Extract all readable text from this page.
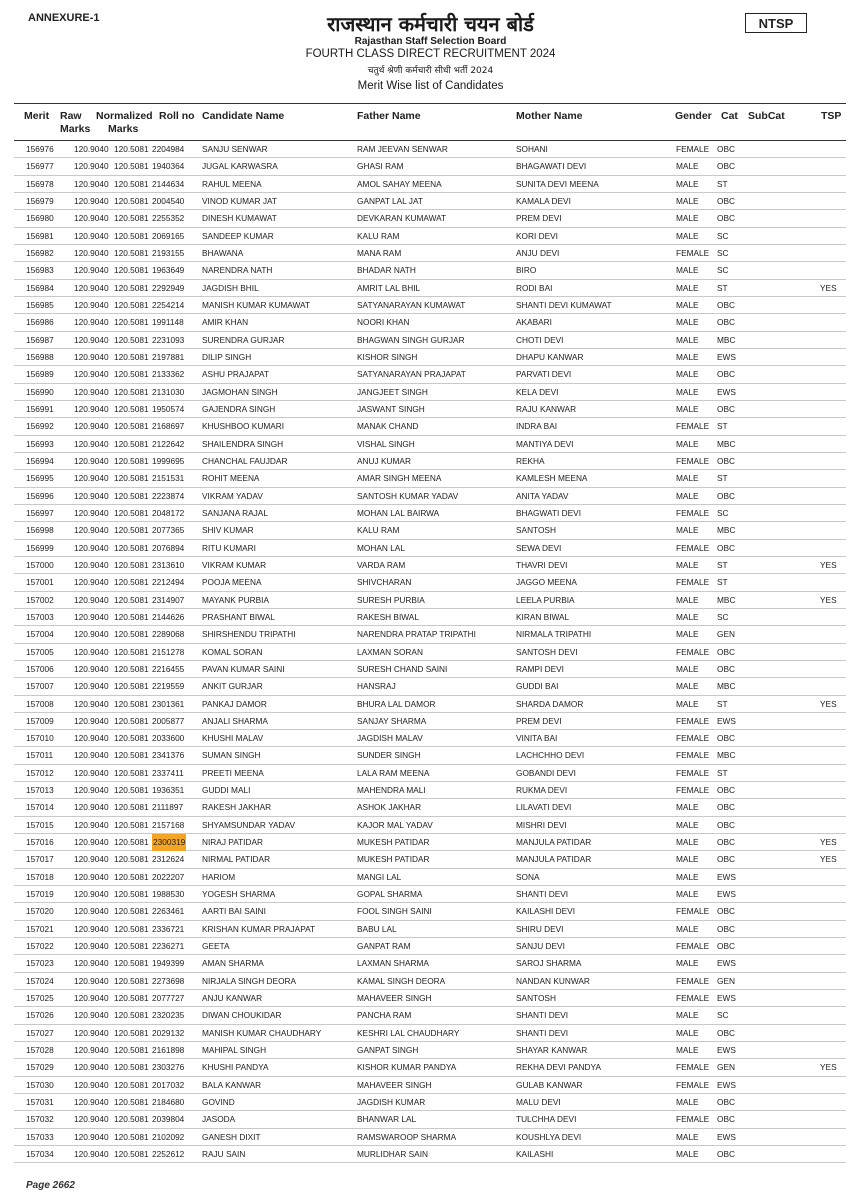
ANNEXURE-1	NTSP
राजस्थान कर्मचारी चयन बोर्ड
Rajasthan Staff Selection Board
FOURTH CLASS DIRECT RECRUITMENT 2024
चतुर्थ श्रेणी कर्मचारी सीधी भर्ती 2024
Merit Wise list of Candidates
Merit Raw
Marks
Normalized
Marks
Roll no Candidate Name	Father Name	Mother Name	Gender Cat SubCat	TSP
156976 120.9040 120.5081 2204984 SANJU SENWAR	RAM JEEVAN SENWAR	SOHANI	FEMALE OBC
156977 120.9040 120.5081 1940364 JUGAL KARWASRA	GHASI RAM	BHAGAWATI DEVI	MALE OBC
156978 120.9040 120.5081 2144634 RAHUL MEENA	AMOL SAHAY MEENA	SUNITA DEVI MEENA	MALE ST
156979 120.9040 120.5081 2004540 VINOD KUMAR JAT	GANPAT LAL JAT	KAMALA DEVI	MALE OBC
156980 120.9040 120.5081 2255352 DINESH KUMAWAT	DEVKARAN KUMAWAT	PREM DEVI	MALE OBC
156981 120.9040 120.5081 2069165 SANDEEP KUMAR	KALU RAM	KORI DEVI	MALE SC
156982 120.9040 120.5081 2193155 BHAWANA	MANA RAM	ANJU DEVI	FEMALE SC
156983 120.9040 120.5081 1963649 NARENDRA NATH	BHADAR NATH	BIRO	MALE SC
156984 120.9040 120.5081 2292949 JAGDISH BHIL	AMRIT LAL BHIL	RODI BAI	MALE ST	YES
156985 120.9040 120.5081 2254214 MANISH KUMAR KUMAWAT	SATYANARAYAN KUMAWAT	SHANTI DEVI KUMAWAT	MALE OBC
156986 120.9040 120.5081 1991148 AMIR KHAN	NOORI KHAN	AKABARI	MALE OBC
156987 120.9040 120.5081 2231093 SURENDRA GURJAR	BHAGWAN SINGH GURJAR	CHOTI DEVI	MALE MBC
156988 120.9040 120.5081 2197881 DILIP SINGH	KISHOR SINGH	DHAPU KANWAR	MALE EWS
156989 120.9040 120.5081 2133362 ASHU PRAJAPAT	SATYANARAYAN PRAJAPAT	PARVATI DEVI	MALE OBC
156990 120.9040 120.5081 2131030 JAGMOHAN SINGH	JANGJEET SINGH	KELA DEVI	MALE EWS
156991 120.9040 120.5081 1950574 GAJENDRA SINGH	JASWANT SINGH	RAJU KANWAR	MALE OBC
156992 120.9040 120.5081 2168697 KHUSHBOO KUMARI	MANAK CHAND	INDRA BAI	FEMALE ST
156993 120.9040 120.5081 2122642 SHAILENDRA SINGH	VISHAL SINGH	MANTIYA DEVI	MALE MBC
156994 120.9040 120.5081 1999695 CHANCHAL FAUJDAR	ANUJ KUMAR	REKHA	FEMALE OBC
156995 120.9040 120.5081 2151531 ROHIT MEENA	AMAR SINGH MEENA	KAMLESH MEENA	MALE ST
156996 120.9040 120.5081 2223874 VIKRAM YADAV	SANTOSH KUMAR YADAV	ANITA YADAV	MALE OBC
156997 120.9040 120.5081 2048172 SANJANA RAJAL	MOHAN LAL BAIRWA	BHAGWATI DEVI	FEMALE SC
156998 120.9040 120.5081 2077365 SHIV KUMAR	KALU RAM	SANTOSH	MALE MBC
156999 120.9040 120.5081 2076894 RITU KUMARI	MOHAN LAL	SEWA DEVI	FEMALE OBC
157000 120.9040 120.5081 2313610 VIKRAM KUMAR	VARDA RAM	THAVRI DEVI	MALE ST	YES
157001 120.9040 120.5081 2212494 POOJA MEENA	SHIVCHARAN	JAGGO MEENA	FEMALE ST
157002 120.9040 120.5081 2314907 MAYANK PURBIA	SURESH PURBIA	LEELA PURBIA	MALE MBC	YES
157003 120.9040 120.5081 2144626 PRASHANT BIWAL	RAKESH BIWAL	KIRAN BIWAL	MALE SC
157004 120.9040 120.5081 2289068 SHIRSHENDU TRIPATHI	NARENDRA PRATAP TRIPATHI	NIRMALA TRIPATHI	MALE GEN
157005 120.9040 120.5081 2151278 KOMAL SORAN	LAXMAN SORAN	SANTOSH DEVI	FEMALE OBC
157006 120.9040 120.5081 2216455 PAVAN KUMAR SAINI	SURESH CHAND SAINI	RAMPI DEVI	MALE OBC
157007 120.9040 120.5081 2219559 ANKIT GURJAR	HANSRAJ	GUDDI BAI	MALE MBC
157008 120.9040 120.5081 2301361 PANKAJ DAMOR	BHURA LAL DAMOR	SHARDA DAMOR	MALE ST	YES
157009 120.9040 120.5081 2005877 ANJALI SHARMA	SANJAY SHARMA	PREM DEVI	FEMALE EWS
157010 120.9040 120.5081 2033600 KHUSHI MALAV	JAGDISH MALAV	VINITA BAI	FEMALE OBC
157011	120.9040 120.5081 2341376 SUMAN SINGH	SUNDER SINGH	LACHCHHO DEVI	FEMALE MBC
157012 120.9040 120.5081 2337411 PREETI MEENA	LALA RAM MEENA	GOBANDI DEVI	FEMALE ST
157013 120.9040 120.5081 1936351 GUDDI MALI	MAHENDRA MALI	RUKMA DEVI	FEMALE OBC
157014 120.9040 120.5081 2111897 RAKESH JAKHAR	ASHOK JAKHAR	LILAVATI DEVI	MALE OBC
157015 120.9040 120.5081 2157168 SHYAMSUNDAR YADAV	KAJOR MAL YADAV	MISHRI DEVI	MALE OBC
157016 120.9040 120.5081 2300319 NIRAJ PATIDAR	MUKESH PATIDAR	MANJULA PATIDAR	MALE OBC	YES
157017 120.9040 120.5081 2312624 NIRMAL PATIDAR	MUKESH PATIDAR	MANJULA PATIDAR	MALE OBC	YES
157018 120.9040 120.5081 2022207 HARIOM	MANGI LAL	SONA	MALE EWS
157019 120.9040 120.5081 1988530 YOGESH SHARMA	GOPAL SHARMA	SHANTI DEVI	MALE EWS
157020 120.9040 120.5081 2263461 AARTI BAI SAINI	FOOL SINGH SAINI	KAILASHI DEVI	FEMALE OBC
157021 120.9040 120.5081 2336721 KRISHAN KUMAR PRAJAPAT	BABU LAL	SHIRU DEVI	MALE OBC
157022 120.9040 120.5081 2236271 GEETA	GANPAT RAM	SANJU DEVI	FEMALE OBC
157023 120.9040 120.5081 1949399 AMAN SHARMA	LAXMAN SHARMA	SAROJ SHARMA	MALE EWS
157024 120.9040 120.5081 2273698 NIRJALA SINGH DEORA	KAMAL SINGH DEORA	NANDAN KUNWAR	FEMALE GEN
157025 120.9040 120.5081 2077727 ANJU KANWAR	MAHAVEER SINGH	SANTOSH	FEMALE EWS
157026 120.9040 120.5081 2320235 DIWAN CHOUKIDAR	PANCHA RAM	SHANTI DEVI	MALE SC
157027 120.9040 120.5081 2029132 MANISH KUMAR CHAUDHARY	KESHRI LAL CHAUDHARY	SHANTI DEVI	MALE OBC
157028 120.9040 120.5081 2161898 MAHIPAL SINGH	GANPAT SINGH	SHAYAR KANWAR	MALE EWS
157029 120.9040 120.5081 2303276 KHUSHI PANDYA	KISHOR KUMAR PANDYA	REKHA DEVI PANDYA	FEMALE GEN	YES
157030 120.9040 120.5081 2017032 BALA KANWAR	MAHAVEER SINGH	GULAB KANWAR	FEMALE EWS
157031 120.9040 120.5081 2184680 GOVIND	JAGDISH KUMAR	MALU DEVI	MALE OBC
157032 120.9040 120.5081 2039804 JASODA	BHANWAR LAL	TULCHHA DEVI	FEMALE OBC
157033 120.9040 120.5081 2102092 GANESH DIXIT	RAMSWAROOP SHARMA	KOUSHLYA DEVI	MALE EWS
157034 120.9040 120.5081 2252612 RAJU SAIN	MURLIDHAR SAIN	KAILASHI	MALE OBC
Page 2662
